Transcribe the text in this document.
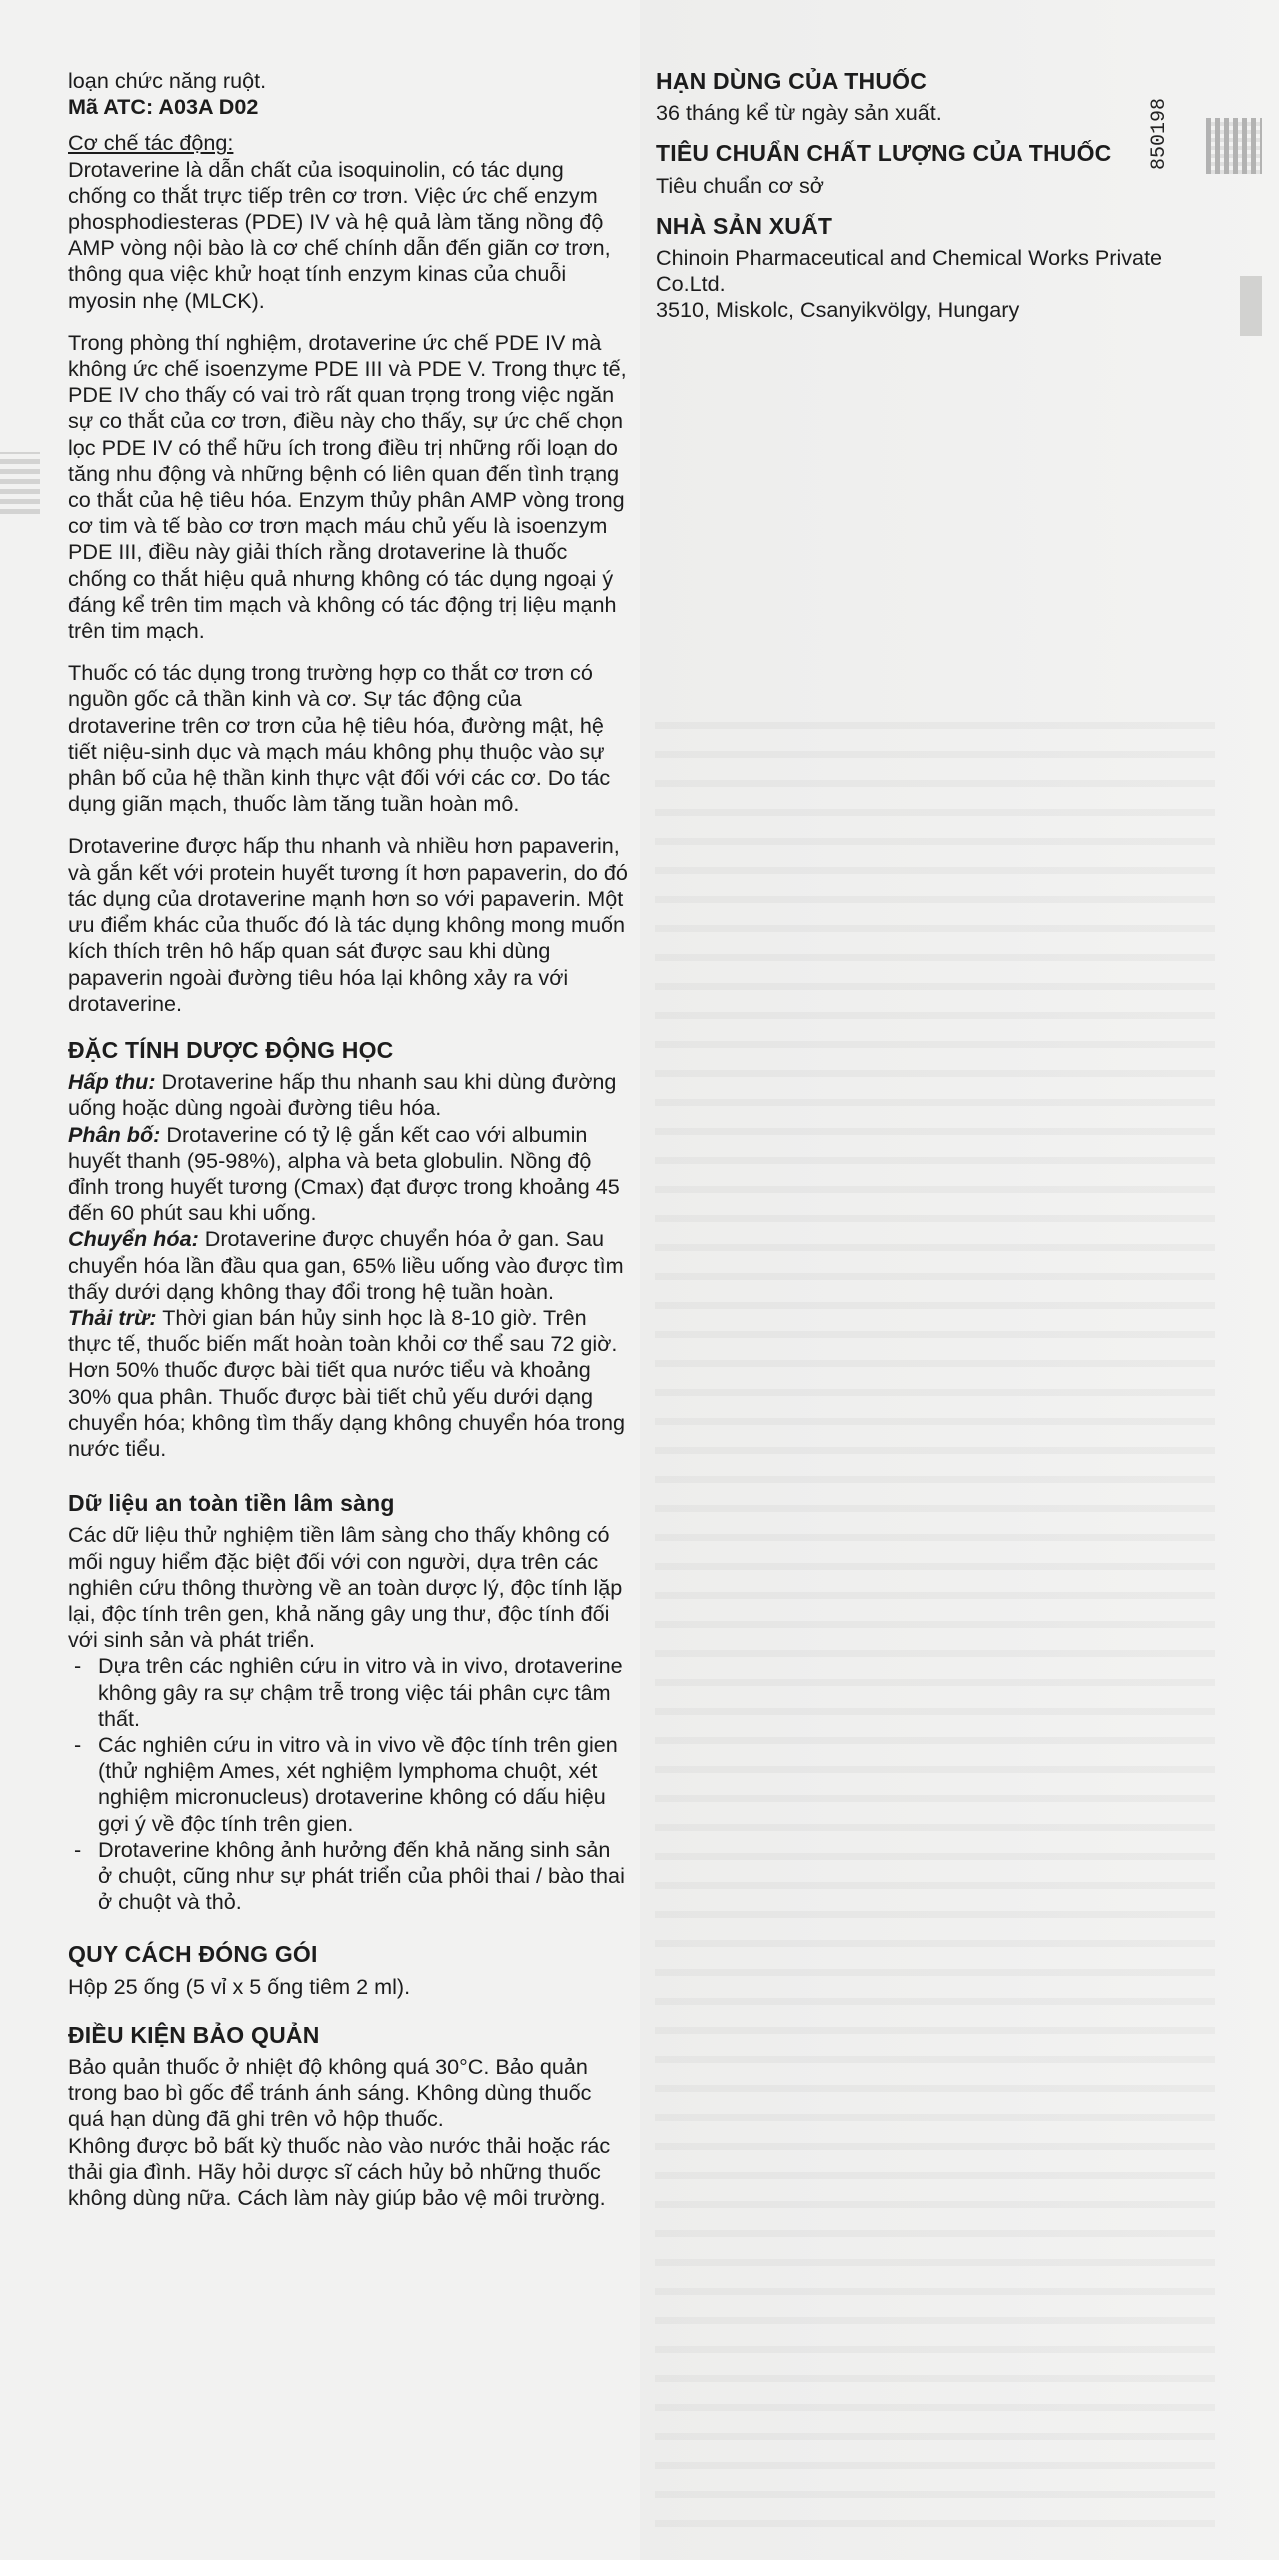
850198

loạn chức năng ruột.

Mã ATC: A03A D02

Cơ chế tác động:

Drotaverine là dẫn chất của isoquinolin, có tác dụng chống co thắt trực tiếp trên cơ trơn. Việc ức chế enzym phosphodiesteras (PDE) IV và hệ quả làm tăng nồng độ AMP vòng nội bào là cơ chế chính dẫn đến giãn cơ trơn, thông qua việc khử hoạt tính enzym kinas của chuỗi myosin nhẹ (MLCK).

Trong phòng thí nghiệm, drotaverine ức chế PDE IV mà không ức chế isoenzyme PDE III và PDE V. Trong thực tế, PDE IV cho thấy có vai trò rất quan trọng trong việc ngăn sự co thắt của cơ trơn, điều này cho thấy, sự ức chế chọn lọc PDE IV có thể hữu ích trong điều trị những rối loạn do tăng nhu động và những bệnh có liên quan đến tình trạng co thắt của hệ tiêu hóa. Enzym thủy phân AMP vòng trong cơ tim và tế bào cơ trơn mạch máu chủ yếu là isoenzym PDE III, điều này giải thích rằng drotaverine là thuốc chống co thắt hiệu quả nhưng không có tác dụng ngoại ý đáng kể trên tim mạch và không có tác động trị liệu mạnh trên tim mạch.

Thuốc có tác dụng trong trường hợp co thắt cơ trơn có nguồn gốc cả thần kinh và cơ. Sự tác động của drotaverine trên cơ trơn của hệ tiêu hóa, đường mật, hệ tiết niệu-sinh dục và mạch máu không phụ thuộc vào sự phân bố của hệ thần kinh thực vật đối với các cơ. Do tác dụng giãn mạch, thuốc làm tăng tuần hoàn mô.

Drotaverine được hấp thu nhanh và nhiều hơn papaverin, và gắn kết với protein huyết tương ít hơn papaverin, do đó tác dụng của drotaverine mạnh hơn so với papaverin. Một ưu điểm khác của thuốc đó là tác dụng không mong muốn kích thích trên hô hấp quan sát được sau khi dùng papaverin ngoài đường tiêu hóa lại không xảy ra với drotaverine.

ĐẶC TÍNH DƯỢC ĐỘNG HỌC

Hấp thu: Drotaverine hấp thu nhanh sau khi dùng đường uống hoặc dùng ngoài đường tiêu hóa.

Phân bố: Drotaverine có tỷ lệ gắn kết cao với albumin huyết thanh (95-98%), alpha và beta globulin. Nồng độ đỉnh trong huyết tương (Cmax) đạt được trong khoảng 45 đến 60 phút sau khi uống.

Chuyển hóa: Drotaverine được chuyển hóa ở gan. Sau chuyển hóa lần đầu qua gan, 65% liều uống vào được tìm thấy dưới dạng không thay đổi trong hệ tuần hoàn.

Thải trừ: Thời gian bán hủy sinh học là 8-10 giờ. Trên thực tế, thuốc biến mất hoàn toàn khỏi cơ thể sau 72 giờ. Hơn 50% thuốc được bài tiết qua nước tiểu và khoảng 30% qua phân. Thuốc được bài tiết chủ yếu dưới dạng chuyển hóa; không tìm thấy dạng không chuyển hóa trong nước tiểu.

Dữ liệu an toàn tiền lâm sàng

Các dữ liệu thử nghiệm tiền lâm sàng cho thấy không có mối nguy hiểm đặc biệt đối với con người, dựa trên các nghiên cứu thông thường về an toàn dược lý, độc tính lặp lại, độc tính trên gen, khả năng gây ung thư, độc tính đối với sinh sản và phát triển.

- Dựa trên các nghiên cứu in vitro và in vivo, drotaverine không gây ra sự chậm trễ trong việc tái phân cực tâm thất.
- Các nghiên cứu in vitro và in vivo về độc tính trên gien (thử nghiệm Ames, xét nghiệm lymphoma chuột, xét nghiệm micronucleus) drotaverine không có dấu hiệu gợi ý về độc tính trên gien.
- Drotaverine không ảnh hưởng đến khả năng sinh sản ở chuột, cũng như sự phát triển của phôi thai / bào thai ở chuột và thỏ.
QUY CÁCH ĐÓNG GÓI

Hộp 25 ống (5 vỉ x 5 ống tiêm 2 ml).

ĐIỀU KIỆN BẢO QUẢN

Bảo quản thuốc ở nhiệt độ không quá 30°C. Bảo quản trong bao bì gốc để tránh ánh sáng. Không dùng thuốc quá hạn dùng đã ghi trên vỏ hộp thuốc.

Không được bỏ bất kỳ thuốc nào vào nước thải hoặc rác thải gia đình. Hãy hỏi dược sĩ cách hủy bỏ những thuốc không dùng nữa. Cách làm này giúp bảo vệ môi trường.

HẠN DÙNG CỦA THUỐC

36 tháng kể từ ngày sản xuất.

TIÊU CHUẨN CHẤT LƯỢNG CỦA THUỐC

Tiêu chuẩn cơ sở

NHÀ SẢN XUẤT

Chinoin Pharmaceutical and Chemical Works Private Co.Ltd.

3510, Miskolc, Csanyikvölgy, Hungary
